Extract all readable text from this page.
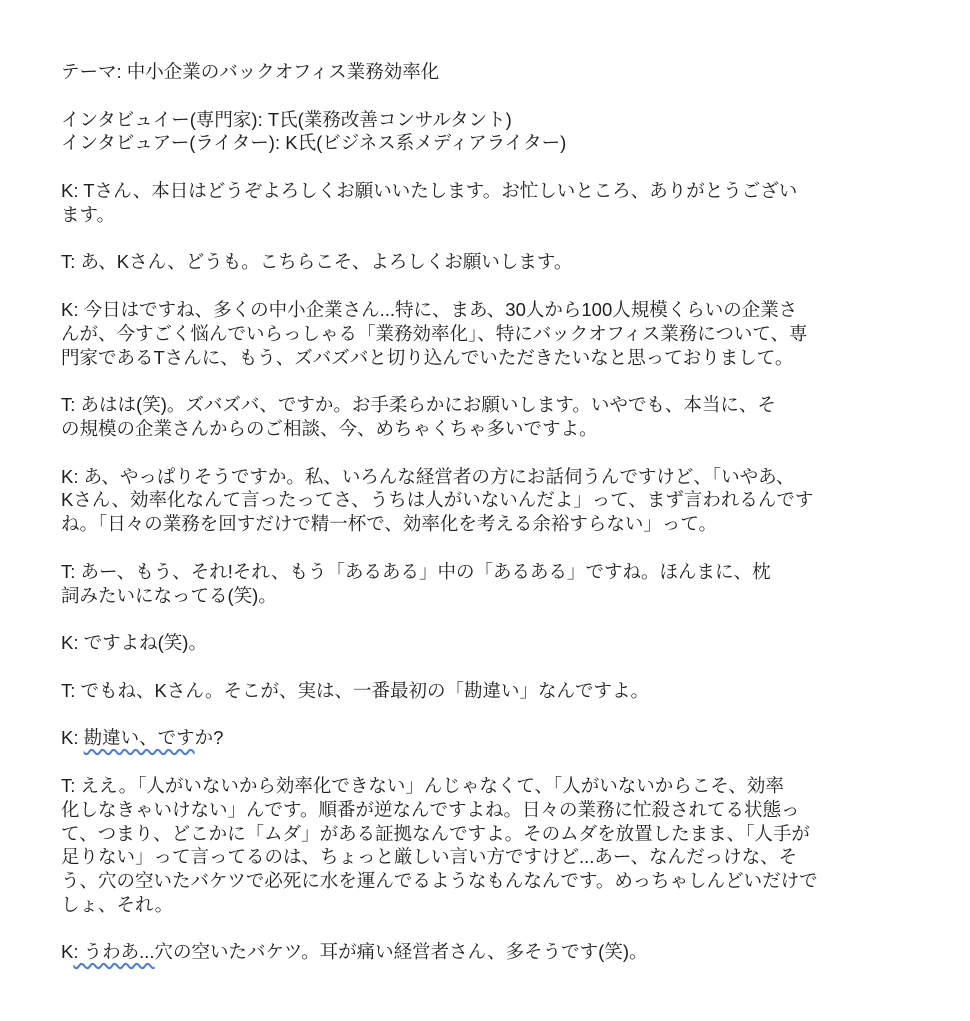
テーマ: 中小企業のバックオフィス業務効率化

インタビュイー(専門家): T氏(業務改善コンサルタント)
インタビュアー(ライター): K氏(ビジネス系メディアライター)

K: Tさん、本日はどうぞよろしくお願いいたします。お忙しいところ、ありがとうござい
ます。

T: あ、Kさん、どうも。こちらこそ、よろしくお願いします。

K: 今日はですね、多くの中小企業さん...特に、まあ、30人から100人規模くらいの企業さ
んが、今すごく悩んでいらっしゃる「業務効率化」、特にバックオフィス業務について、専
門家であるTさんに、もう、ズバズバと切り込んでいただきたいなと思っておりまして。

T: あはは(笑)。ズバズバ、ですか。お手柔らかにお願いします。いやでも、本当に、そ
の規模の企業さんからのご相談、今、めちゃくちゃ多いですよ。

K: あ、やっぱりそうですか。私、いろんな経営者の方にお話伺うんですけど、「いやあ、
Kさん、効率化なんて言ったってさ、うちは人がいないんだよ」って、まず言われるんです
ね。「日々の業務を回すだけで精一杯で、効率化を考える余裕すらない」って。

T: あー、もう、それ!それ、もう「あるある」中の「あるある」ですね。ほんまに、枕
詞みたいになってる(笑)。

K: ですよね(笑)。

T: でもね、Kさん。そこが、実は、一番最初の「勘違い」なんですよ。

K: 勘違い、ですか?

T: ええ。「人がいないから効率化できない」んじゃなくて、「人がいないからこそ、効率
化しなきゃいけない」んです。順番が逆なんですよね。日々の業務に忙殺されてる状態っ
て、つまり、どこかに「ムダ」がある証拠なんですよ。そのムダを放置したまま、「人手が
足りない」って言ってるのは、ちょっと厳しい言い方ですけど...あー、なんだっけな、そ
う、穴の空いたバケツで必死に水を運んでるようなもんなんです。めっちゃしんどいだけで
しょ、それ。

K: うわあ...穴の空いたバケツ。耳が痛い経営者さん、多そうです(笑)。
